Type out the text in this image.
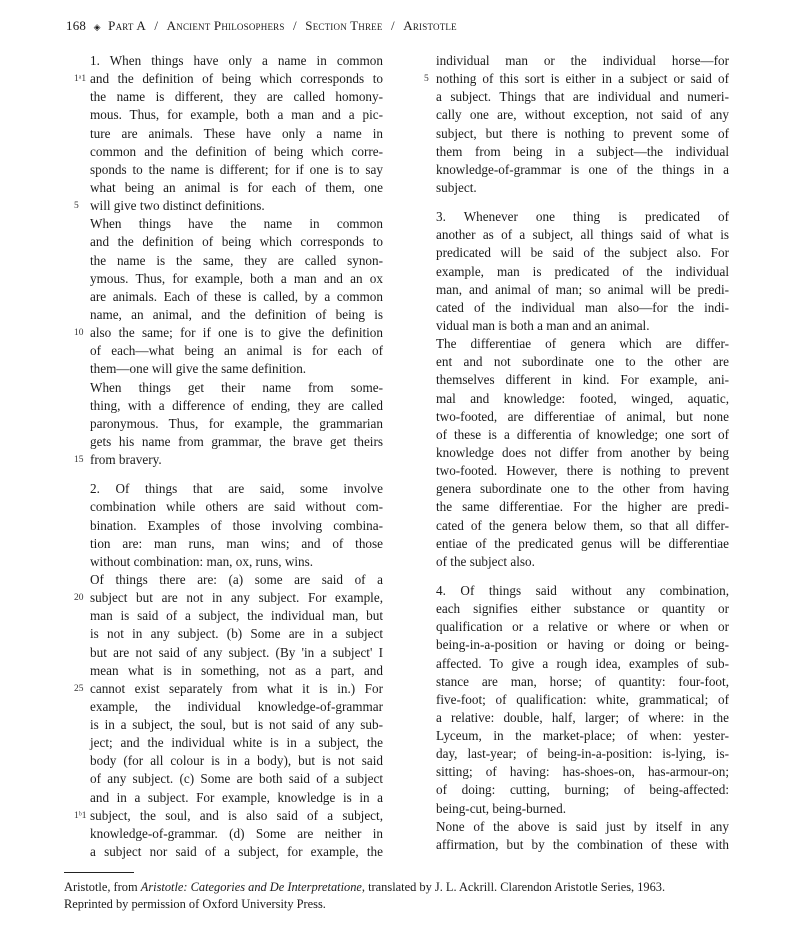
168 ◈ Part A / Ancient Philosophers / Section Three / Aristotle
1. When things have only a name in common
1ᵃ1 and the definition of being which corresponds to
the name is different, they are called homony-
mous. Thus, for example, both a man and a pic-
ture are animals. These have only a name in
common and the definition of being which corre-
sponds to the name is different; for if one is to say
what being an animal is for each of them, one
5 will give two distinct definitions.
When things have the name in common
and the definition of being which corresponds to
the name is the same, they are called synon-
ymous. Thus, for example, both a man and an ox
are animals. Each of these is called, by a common
name, an animal, and the definition of being is
10 also the same; for if one is to give the definition
of each—what being an animal is for each of
them—one will give the same definition.
When things get their name from some-
thing, with a difference of ending, they are called
paronymous. Thus, for example, the grammarian
gets his name from grammar, the brave get theirs
15 from bravery.
2. Of things that are said, some involve
combination while others are said without com-
bination. Examples of those involving combina-
tion are: man runs, man wins; and of those
without combination: man, ox, runs, wins.
Of things there are: (a) some are said of a
20 subject but are not in any subject. For example,
man is said of a subject, the individual man, but
is not in any subject. (b) Some are in a subject
but are not said of any subject. (By 'in a subject' I
mean what is in something, not as a part, and
25 cannot exist separately from what it is in.) For
example, the individual knowledge-of-grammar
is in a subject, the soul, but is not said of any sub-
ject; and the individual white is in a subject, the
body (for all colour is in a body), but is not said
of any subject. (c) Some are both said of a subject
and in a subject. For example, knowledge is in a
1ᵇ1 subject, the soul, and is also said of a subject,
knowledge-of-grammar. (d) Some are neither in
a subject nor said of a subject, for example, the
individual man or the individual horse—for
5 nothing of this sort is either in a subject or said of
a subject. Things that are individual and numeri-
cally one are, without exception, not said of any
subject, but there is nothing to prevent some of
them from being in a subject—the individual
knowledge-of-grammar is one of the things in a
subject.
3. Whenever one thing is predicated of
another as of a subject, all things said of what is
predicated will be said of the subject also. For
example, man is predicated of the individual
man, and animal of man; so animal will be predi-
cated of the individual man also—for the indi-
vidual man is both a man and an animal.
The differentiae of genera which are differ-
ent and not subordinate one to the other are
themselves different in kind. For example, ani-
mal and knowledge: footed, winged, aquatic,
two-footed, are differentiae of animal, but none
of these is a differentia of knowledge; one sort of
knowledge does not differ from another by being
two-footed. However, there is nothing to prevent
genera subordinate one to the other from having
the same differentiae. For the higher are predi-
cated of the genera below them, so that all differ-
entiae of the predicated genus will be differentiae
of the subject also.
4. Of things said without any combination,
each signifies either substance or quantity or
qualification or a relative or where or when or
being-in-a-position or having or doing or being-
affected. To give a rough idea, examples of sub-
stance are man, horse; of quantity: four-foot,
five-foot; of qualification: white, grammatical; of
a relative: double, half, larger; of where: in the
Lyceum, in the market-place; of when: yester-
day, last-year; of being-in-a-position: is-lying, is-
sitting; of having: has-shoes-on, has-armour-on;
of doing: cutting, burning; of being-affected:
being-cut, being-burned.
None of the above is said just by itself in any
affirmation, but by the combination of these with
Aristotle, from Aristotle: Categories and De Interpretatione, translated by J. L. Ackrill. Clarendon Aristotle Series, 1963.
Reprinted by permission of Oxford University Press.
